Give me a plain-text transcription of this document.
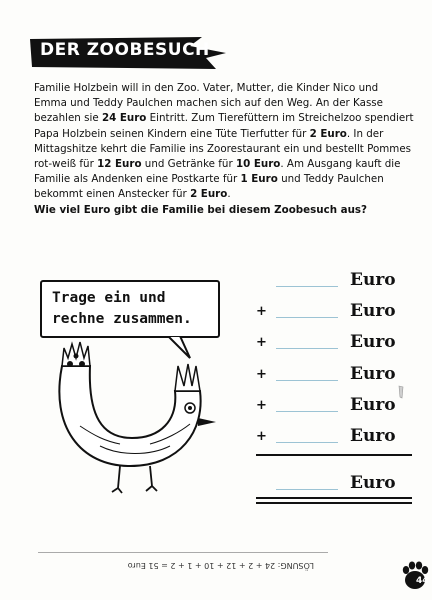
DER ZOOBESUCH

Familie Holzbein will in den Zoo. Vater, Mutter, die Kinder Nico und Emma und Teddy Paulchen machen sich auf den Weg. An der Kasse bezahlen sie 24 Euro Eintritt. Zum Tierefüttern im Streichelzoo spendiert Papa Holzbein seinen Kindern eine Tüte Tierfutter für 2 Euro. In der Mittagshitze kehrt die Familie ins Zoorestaurant ein und bestellt Pommes rot-weiß für 12 Euro und Getränke für 10 Euro. Am Ausgang kauft die Familie als Andenken eine Postkarte für 1 Euro und Teddy Paulchen bekommt einen Anstecker für 2 Euro.

Wie viel Euro gibt die Familie bei diesem Zoobesuch aus?

Trage ein und
rechne zusammen.
Euro
+	Euro
+	Euro
+	Euro
+	Euro
+	Euro
Euro
LÖSUNG: 24 + 2 + 12 + 10 + 1 + 2 = 51 Euro
44
